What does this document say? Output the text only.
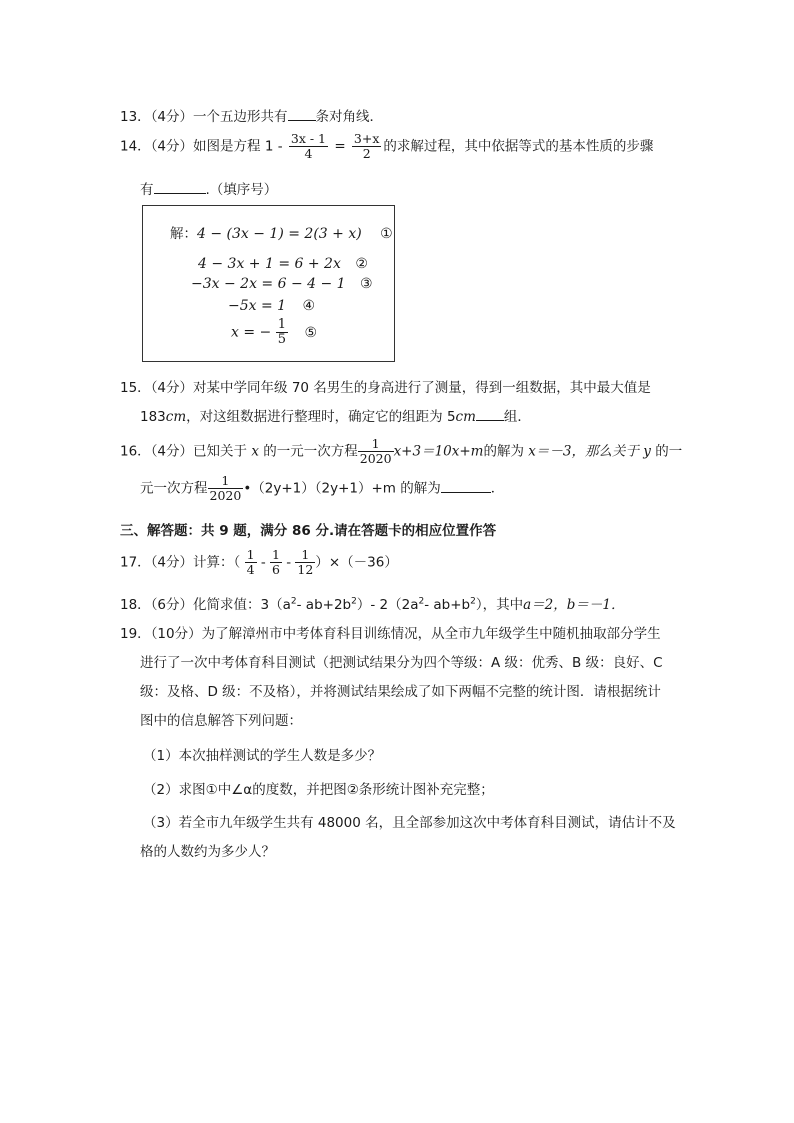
13．（4分）一个五边形共有 条对角线．
14．（4分）如图是方程 $1 - \frac{3x - 1}{4} = \frac{3+x}{2}$ 的求解过程，其中依据等式的基本性质的步骤
有	.（填序号）
解：4 − (3x − 1) = 2(3 + x) ①
4 − 3x + 1 = 6 + 2x ②
−3x − 2x = 6 − 4 − 1 ③
−5x = 1 ④
x = − $\frac{1}{5}$ ⑤
15．（4分）对某中学同年级 70 名男生的身高进行了测量，得到一组数据，其中最大值是
183cm，对这组数据进行整理时，确定它的组距为 5cm 组．
16．（4分）已知关于 x 的一元一次方程 $\frac{1}{2020} x+3=10x+m$的解为 x＝－3，那么关于 y 的一
元一次方程 $\frac{1}{2020}$ •（2y+1）（2y+1）+m 的解为	．
三、解答题：共 9 题，满分 86 分.请在答题卡的相应位置作答
17．（4分）计算：（ $\frac{1}{4} - \frac{1}{6} - \frac{1}{12} )\times(-36)$
18．（6分）化简求值：$3(a^2-$ $ab+2b^2)-$ $2(2a^2-$ $ab+b^2$），其中a＝2，b＝－1．
19．（10分）为了解漳州市中考体育科目训练情况，从全市九年级学生中随机抽取部分学生
进行了一次中考体育科目测试（把测试结果分为四个等级：A 级：优秀、B 级：良好、C
级：及格、D 级：不及格），并将测试结果绘成了如下两幅不完整的统计图．请根据统计
图中的信息解答下列问题：
（1）本次抽样测试的学生人数是多少？
（2）求图①中∠α的度数，并把图②条形统计图补充完整；
（3）若全市九年级学生共有 48000 名，且全部参加这次中考体育科目测试，请估计不及
格的人数约为多少人？
